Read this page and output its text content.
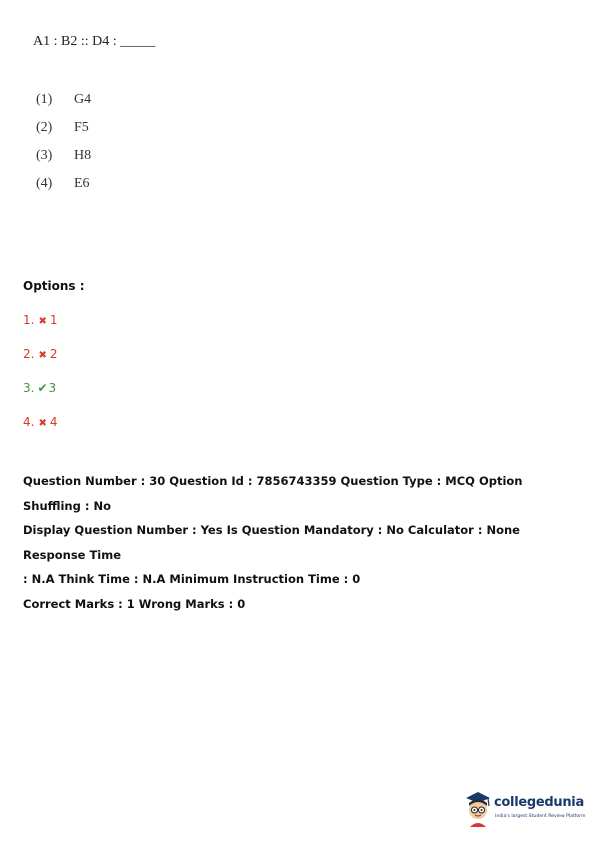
A1 : B2 :: D4 : _____
(1) G4
(2) F5
(3) H8
(4) E6
Options :
1. ✖ 1
2. ✖ 2
3. ✔3
4. ✖ 4
Question Number : 30 Question Id : 7856743359 Question Type : MCQ Option Shuffling : No
Display Question Number : Yes Is Question Mandatory : No Calculator : None Response Time
: N.A Think Time : N.A Minimum Instruction Time : 0
Correct Marks : 1 Wrong Marks : 0
collegedunia
India's largest Student Review Platform
